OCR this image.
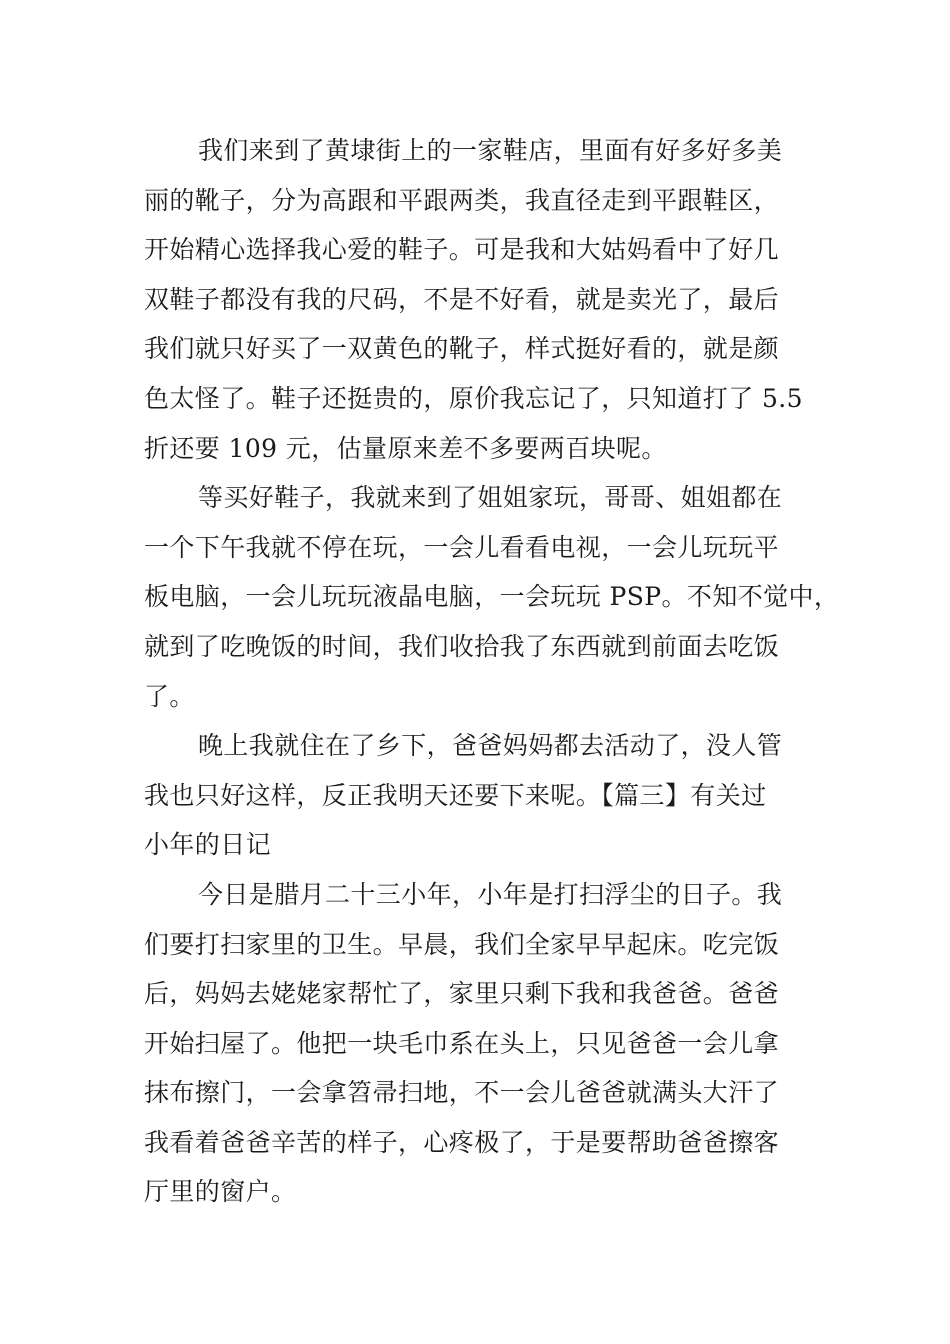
我们来到了黄埭街上的一家鞋店，里面有好多好多美
丽的靴子，分为高跟和平跟两类，我直径走到平跟鞋区，
开始精心选择我心爱的鞋子。可是我和大姑妈看中了好几
双鞋子都没有我的尺码，不是不好看，就是卖光了，最后
我们就只好买了一双黄色的靴子，样式挺好看的，就是颜
色太怪了。鞋子还挺贵的，原价我忘记了，只知道打了 5.5
折还要 109 元，估量原来差不多要两百块呢。
等买好鞋子，我就来到了姐姐家玩，哥哥、姐姐都在
一个下午我就不停在玩，一会儿看看电视，一会儿玩玩平
板电脑，一会儿玩玩液晶电脑，一会玩玩 PSP。不知不觉中，
就到了吃晚饭的时间，我们收拾我了东西就到前面去吃饭
了。
晚上我就住在了乡下，爸爸妈妈都去活动了，没人管
我也只好这样，反正我明天还要下来呢。【篇三】有关过
小年的日记
今日是腊月二十三小年，小年是打扫浮尘的日子。我
们要打扫家里的卫生。早晨，我们全家早早起床。吃完饭
后，妈妈去姥姥家帮忙了，家里只剩下我和我爸爸。爸爸
开始扫屋了。他把一块毛巾系在头上，只见爸爸一会儿拿
抹布擦门，一会拿笤帚扫地，不一会儿爸爸就满头大汗了
我看着爸爸辛苦的样子，心疼极了，于是要帮助爸爸擦客
厅里的窗户。
